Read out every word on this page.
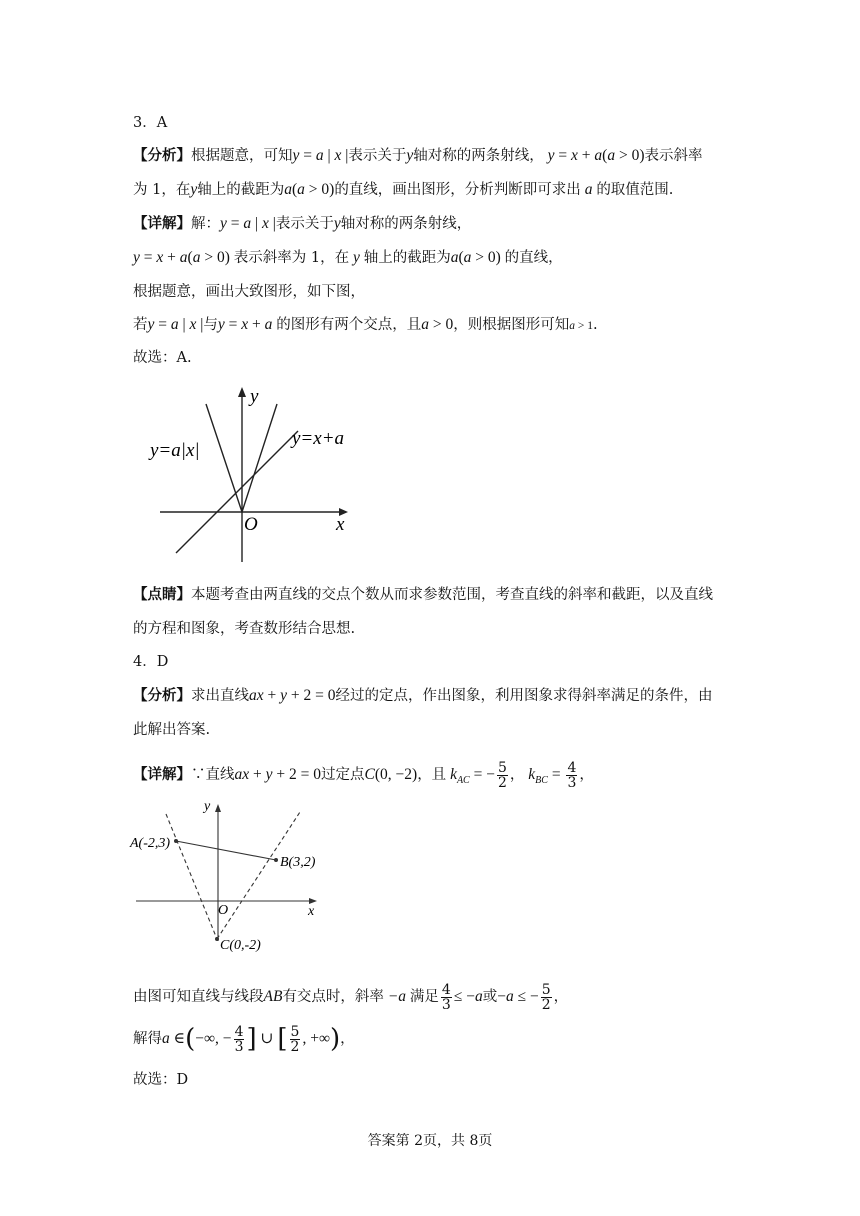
3．A
【分析】根据题意，可知y = a | x |表示关于y轴对称的两条射线， y = x + a(a > 0)表示斜率
为 1，在y轴上的截距为a(a > 0)的直线，画出图形，分析判断即可求出 a 的取值范围.
【详解】解：y = a | x |表示关于y轴对称的两条射线，
y = x + a(a > 0) 表示斜率为 1，在 y 轴上的截距为a(a > 0) 的直线，
根据题意，画出大致图形，如下图，
若y = a | x |与y = x + a 的图形有两个交点，且a > 0，则根据图形可知a > 1.
故选：A.
y=a|x|
y=x+a
y
x
O
【点睛】本题考查由两直线的交点个数从而求参数范围，考查直线的斜率和截距，以及直线
的方程和图象，考查数形结合思想.
4．D
【分析】求出直线ax + y + 2 = 0经过的定点，作出图象，利用图象求得斜率满足的条件，由
此解出答案.
【详解】∵直线ax + y + 2 = 0过定点C(0, −2)，且 $k_{AC}$ = − $\frac{5}{2}$ ， $k_{BC} = \frac{4}{3}$ ，
A(-2,3)
B(3,2)
C(0,-2)
y
x
O
由图可知直线与线段AB有交点时，斜率 −a 满足 $\frac{4}{3} \le -a$或−a ≤ − $\frac{5}{2}$ ，
解得a ∈(−∞, − $\frac{4}{3}$ ] ∪ [ $\frac{5}{2}$ , +∞)，
故选：D
答案第 2页，共 8页
